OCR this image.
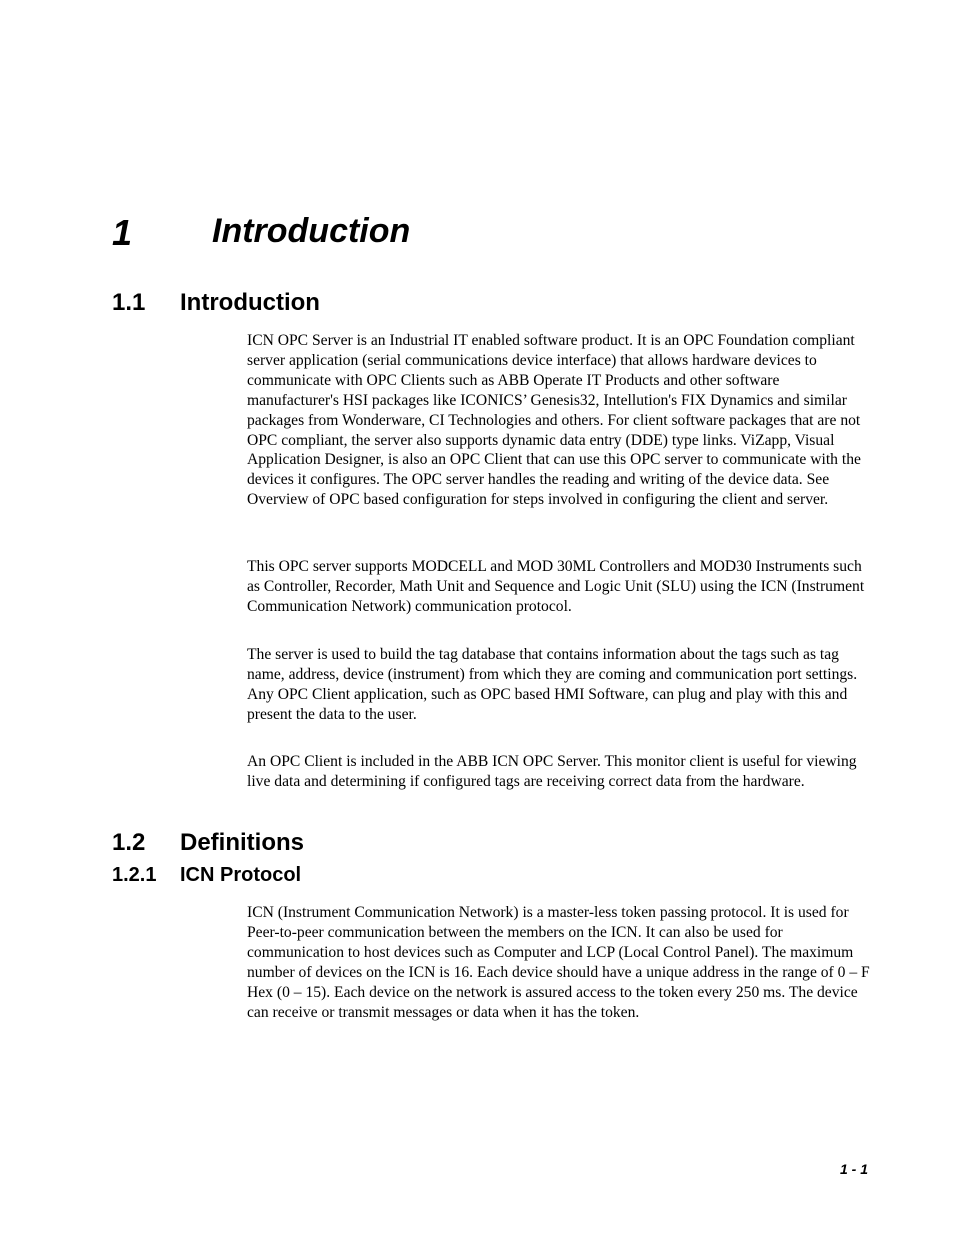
1 Introduction
1.1 Introduction

ICN OPC Server is an Industrial IT enabled software product. It is an OPC Foundation compliant server application (serial communications device interface) that allows hardware devices to communicate with OPC Clients such as ABB Operate IT Products and other software manufacturer's HSI packages like ICONICS’ Genesis32, Intellution's FIX Dynamics and similar packages from Wonderware, CI Technologies and others. For client software packages that are not OPC compliant, the server also supports dynamic data entry (DDE) type links. ViZapp, Visual Application Designer, is also an OPC Client that can use this OPC server to communicate with the devices it configures. The OPC server handles the reading and writing of the device data. See Overview of OPC based configuration for steps involved in configuring the client and server.

This OPC server supports MODCELL and MOD 30ML Controllers and MOD30 Instruments such as Controller, Recorder, Math Unit and Sequence and Logic Unit (SLU) using the ICN (Instrument Communication Network) communication protocol.

The server is used to build the tag database that contains information about the tags such as tag name, address, device (instrument) from which they are coming and communication port settings. Any OPC Client application, such as OPC based HMI Software, can plug and play with this and present the data to the user.

An OPC Client is included in the ABB ICN OPC Server. This monitor client is useful for viewing live data and determining if configured tags are receiving correct data from the hardware.

1.2 Definitions
1.2.1 ICN Protocol

ICN (Instrument Communication Network) is a master-less token passing protocol. It is used for Peer-to-peer communication between the members on the ICN. It can also be used for communication to host devices such as Computer and LCP (Local Control Panel). The maximum number of devices on the ICN is 16. Each device should have a unique address in the range of 0 – F Hex (0 – 15). Each device on the network is assured access to the token every 250 ms. The device can receive or transmit messages or data when it has the token.

1 - 1
